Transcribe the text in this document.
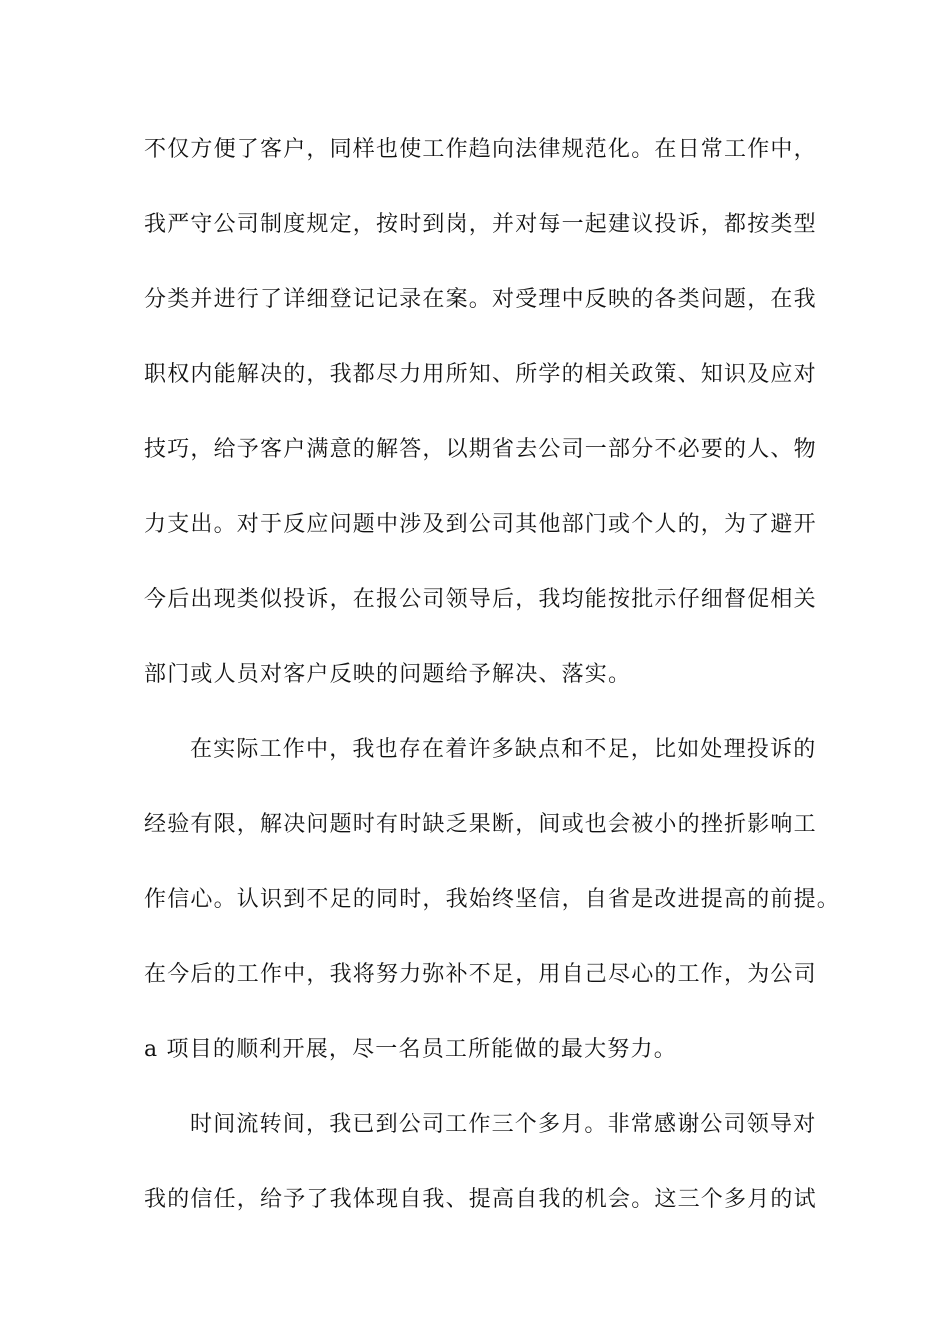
不仅方便了客户，同样也使工作趋向法律规范化。在日常工作中，
我严守公司制度规定，按时到岗，并对每一起建议投诉，都按类型
分类并进行了详细登记记录在案。对受理中反映的各类问题，在我
职权内能解决的，我都尽力用所知、所学的相关政策、知识及应对
技巧，给予客户满意的解答，以期省去公司一部分不必要的人、物
力支出。对于反应问题中涉及到公司其他部门或个人的，为了避开
今后出现类似投诉，在报公司领导后，我均能按批示仔细督促相关
部门或人员对客户反映的问题给予解决、落实。
在实际工作中，我也存在着许多缺点和不足，比如处理投诉的
经验有限，解决问题时有时缺乏果断，间或也会被小的挫折影响工
作信心。认识到不足的同时，我始终坚信，自省是改进提高的前提。
在今后的工作中，我将努力弥补不足，用自己尽心的工作，为公司
a 项目的顺利开展，尽一名员工所能做的最大努力。
时间流转间，我已到公司工作三个多月。非常感谢公司领导对
我的信任，给予了我体现自我、提高自我的机会。这三个多月的试
